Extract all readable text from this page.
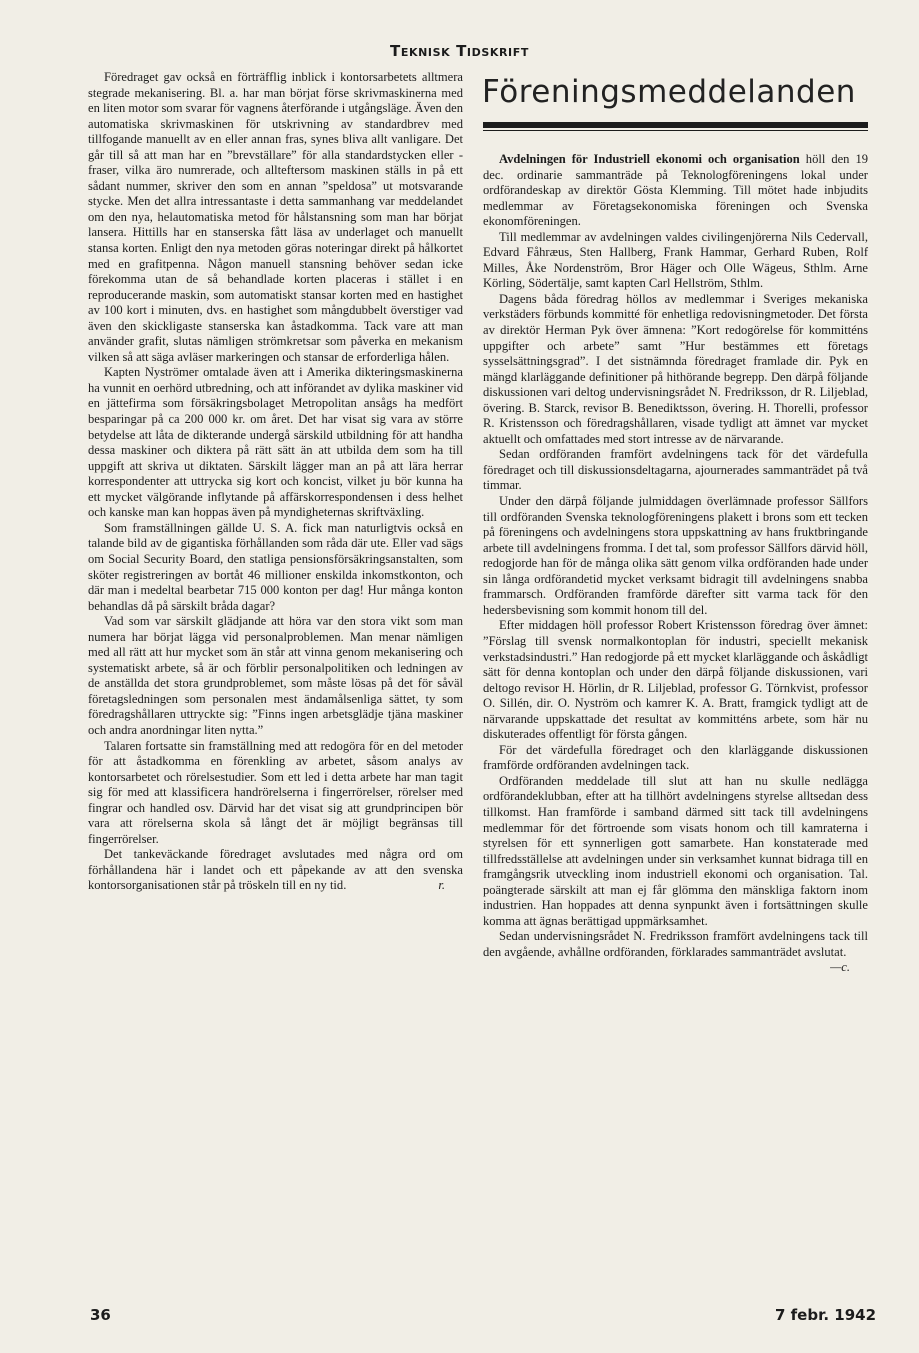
Teknisk Tidskrift

Föredraget gav också en förträfflig inblick i kontorsarbetets alltmera stegrade mekanisering. Bl. a. har man börjat förse skrivmaskinerna med en liten motor som svarar för vagnens återförande i utgångsläge. Även den automatiska skrivmaskinen för utskrivning av standardbrev med tillfogande manuellt av en eller annan fras, synes bliva allt vanligare. Det går till så att man har en ”brevställare” för alla standardstycken eller -fraser, vilka äro numrerade, och allteftersom maskinen ställs in på ett sådant nummer, skriver den som en annan ”speldosa” ut motsvarande stycke. Men det allra intressantaste i detta sammanhang var meddelandet om den nya, helautomatiska metod för hålstansning som man har börjat lansera. Hittills har en stanserska fått läsa av underlaget och manuellt stansa korten. Enligt den nya metoden göras noteringar direkt på hålkortet med en grafitpenna. Någon manuell stansning behöver sedan icke förekomma utan de så behandlade korten placeras i stället i en reproducerande maskin, som automatiskt stansar korten med en hastighet av 100 kort i minuten, dvs. en hastighet som mångdubbelt överstiger vad även den skickligaste stanserska kan åstadkomma. Tack vare att man använder grafit, slutas nämligen strömkretsar som påverka en mekanism vilken så att säga avläser markeringen och stansar de erforderliga hålen.

Kapten Nyströmer omtalade även att i Amerika dikteringsmaskinerna ha vunnit en oerhörd utbredning, och att införandet av dylika maskiner vid en jättefirma som försäkringsbolaget Metropolitan ansågs ha medfört besparingar på ca 200 000 kr. om året. Det har visat sig vara av större betydelse att låta de dikterande undergå särskild utbildning för att handha dessa maskiner och diktera på rätt sätt än att utbilda dem som ha till uppgift att skriva ut diktaten. Särskilt lägger man an på att lära herrar korrespondenter att uttrycka sig kort och koncist, vilket ju bör kunna ha ett mycket välgörande inflytande på affärskorrespondensen i dess helhet och kanske man kan hoppas även på myndigheternas skriftväxling.

Som framställningen gällde U. S. A. fick man naturligtvis också en talande bild av de gigantiska förhållanden som råda där ute. Eller vad sägs om Social Security Board, den statliga pensionsförsäkringsanstalten, som sköter registreringen av bortåt 46 millioner enskilda inkomstkonton, och där man i medeltal bearbetar 715 000 konton per dag! Hur många konton behandlas då på särskilt bråda dagar?

Vad som var särskilt glädjande att höra var den stora vikt som man numera har börjat lägga vid personalproblemen. Man menar nämligen med all rätt att hur mycket som än står att vinna genom mekanisering och systematiskt arbete, så är och förblir personalpolitiken och ledningen av de anställda det stora grundproblemet, som måste lösas på det för såväl företagsledningen som personalen mest ändamålsenliga sättet, ty som föredragshållaren uttryckte sig: ”Finns ingen arbetsglädje tjäna maskiner och andra anordningar liten nytta.”

Talaren fortsatte sin framställning med att redogöra för en del metoder för att åstadkomma en förenkling av arbetet, såsom analys av kontorsarbetet och rörelsestudier. Som ett led i detta arbete har man tagit sig för med att klassificera handrörelserna i fingerrörelser, rörelser med fingrar och handled osv. Därvid har det visat sig att grundprincipen bör vara att rörelserna skola så långt det är möjligt begränsas till fingerrörelser.

Det tankeväckande föredraget avslutades med några ord om förhållandena här i landet och ett påpekande av att den svenska kontorsorganisationen står på tröskeln till en ny tid.	r.

Föreningsmeddelanden

Avdelningen för Industriell ekonomi och organisation höll den 19 dec. ordinarie sammanträde på Teknologföreningens lokal under ordförandeskap av direktör Gösta Klemming. Till mötet hade inbjudits medlemmar av Företagsekonomiska föreningen och Svenska ekonomföreningen.

Till medlemmar av avdelningen valdes civilingenjörerna Nils Cedervall, Edvard Fåhræus, Sten Hallberg, Frank Hammar, Gerhard Ruben, Rolf Milles, Åke Nordenström, Bror Häger och Olle Wägeus, Sthlm. Arne Körling, Södertälje, samt kapten Carl Hellström, Sthlm.

Dagens båda föredrag höllos av medlemmar i Sveriges mekaniska verkstäders förbunds kommitté för enhetliga redovisningmetoder. Det första av direktör Herman Pyk över ämnena: ”Kort redogörelse för kommitténs uppgifter och arbete” samt ”Hur bestämmes ett företags sysselsättningsgrad”. I det sistnämnda föredraget framlade dir. Pyk en mängd klarläggande definitioner på hithörande begrepp. Den därpå följande diskussionen vari deltog undervisningsrådet N. Fredriksson, dr R. Liljeblad, övering. B. Starck, revisor B. Benediktsson, övering. H. Thorelli, professor R. Kristensson och föredragshållaren, visade tydligt att ämnet var mycket aktuellt och omfattades med stort intresse av de närvarande.

Sedan ordföranden framfört avdelningens tack för det värdefulla föredraget och till diskussionsdeltagarna, ajournerades sammanträdet på två timmar.

Under den därpå följande julmiddagen överlämnade professor Sällfors till ordföranden Svenska teknologföreningens plakett i brons som ett tecken på föreningens och avdelningens stora uppskattning av hans fruktbringande arbete till avdelningens fromma. I det tal, som professor Sällfors därvid höll, redogjorde han för de många olika sätt genom vilka ordföranden hade under sin långa ordförandetid mycket verksamt bidragit till avdelningens snabba frammarsch. Ordföranden framförde därefter sitt varma tack för den hedersbevisning som kommit honom till del.

Efter middagen höll professor Robert Kristensson föredrag över ämnet: ”Förslag till svensk normalkontoplan för industri, speciellt mekanisk verkstadsindustri.” Han redogjorde på ett mycket klarläggande och åskådligt sätt för denna kontoplan och under den därpå följande diskussionen, vari deltogo revisor H. Hörlin, dr R. Liljeblad, professor G. Törnkvist, professor O. Sillén, dir. O. Nyström och kamrer K. A. Bratt, framgick tydligt att de närvarande uppskattade det resultat av kommitténs arbete, som här nu diskuterades offentligt för första gången.

För det värdefulla föredraget och den klarläggande diskussionen framförde ordföranden avdelningen tack.

Ordföranden meddelade till slut att han nu skulle nedlägga ordförandeklubban, efter att ha tillhört avdelningens styrelse alltsedan dess tillkomst. Han framförde i samband därmed sitt tack till avdelningens medlemmar för det förtroende som visats honom och till kamraterna i styrelsen för ett synnerligen gott samarbete. Han konstaterade med tillfredsställelse att avdelningen under sin verksamhet kunnat bidraga till en framgångsrik utveckling inom industriell ekonomi och organisation. Tal. poängterade särskilt att man ej får glömma den mänskliga faktorn inom industrien. Han hoppades att denna synpunkt även i fortsättningen skulle komma att ägnas berättigad uppmärksamhet.

Sedan undervisningsrådet N. Fredriksson framfört avdelningens tack till den avgående, avhållne ordföranden, förklarades sammanträdet avslutat.
—c.

36	7 febr. 1942
